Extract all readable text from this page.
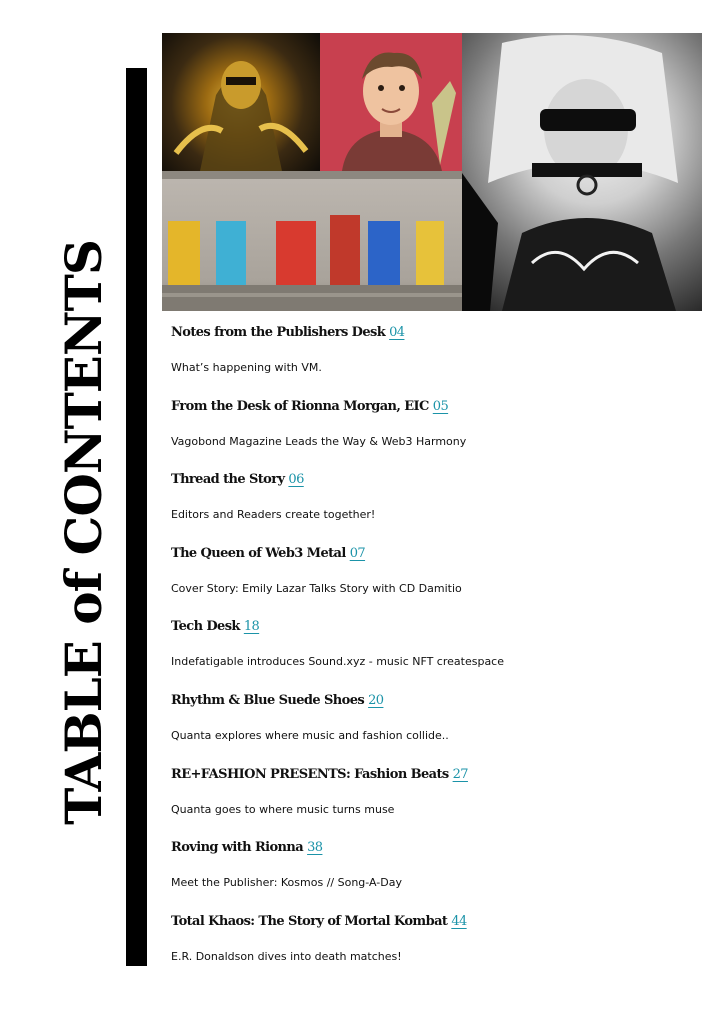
TABLE of CONTENTS	Notes from the Publishers Desk 04
What’s happening with VM.
From the Desk of Rionna Morgan, EIC 05
Vagobond Magazine Leads the Way & Web3 Harmony
Thread the Story 06
Editors and Readers create together!
The Queen of Web3 Metal 07
Cover Story: Emily Lazar Talks Story with CD Damitio
Tech Desk 18
Indefatigable introduces Sound.xyz - music NFT createspace
Rhythm & Blue Suede Shoes 20
Quanta explores where music and fashion collide..
RE+FASHION PRESENTS: Fashion Beats 27
Quanta goes to where music turns muse
Roving with Rionna 38
Meet the Publisher: Kosmos // Song-A-Day
Total Khaos: The Story of Mortal Kombat 44
E.R. Donaldson dives into death matches!
